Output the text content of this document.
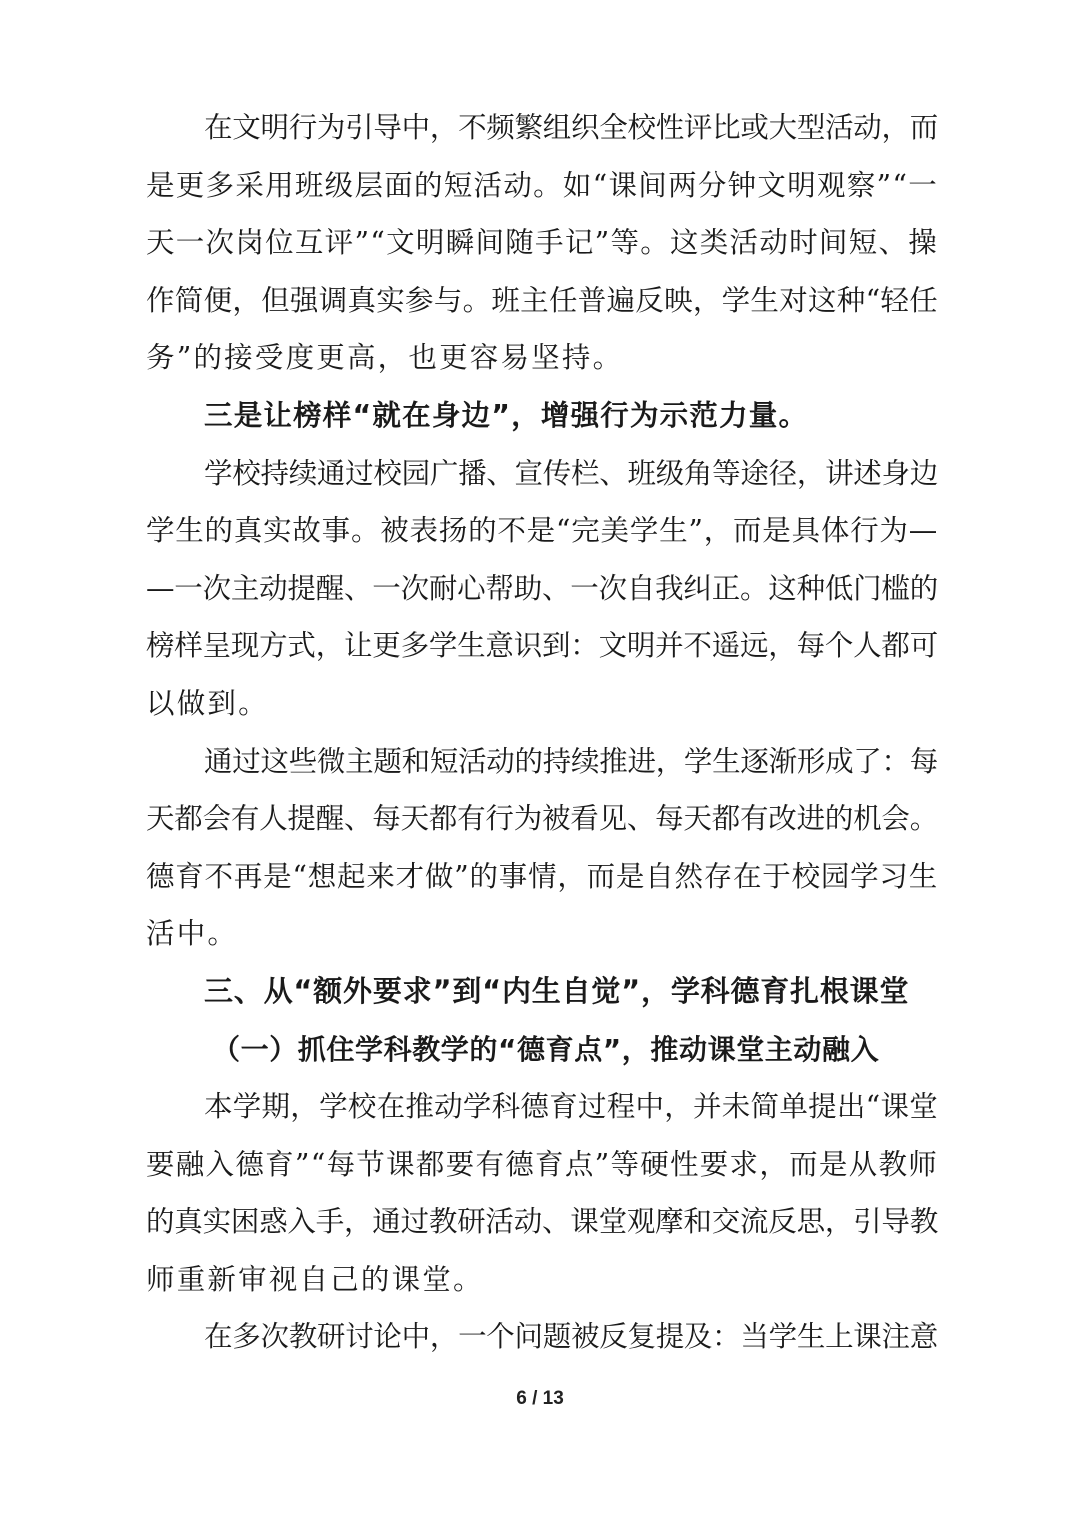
在文明行为引导中，不频繁组织全校性评比或大型活动，而
是更多采用班级层面的短活动。如“课间两分钟文明观察”“一
天一次岗位互评”“文明瞬间随手记”等。这类活动时间短、操
作简便，但强调真实参与。班主任普遍反映，学生对这种“轻任
务”的接受度更高，也更容易坚持。
三是让榜样“就在身边”，增强行为示范力量。
学校持续通过校园广播、宣传栏、班级角等途径，讲述身边
学生的真实故事。被表扬的不是“完美学生”，而是具体行为—
—一次主动提醒、一次耐心帮助、一次自我纠正。这种低门槛的
榜样呈现方式，让更多学生意识到：文明并不遥远，每个人都可
以做到。
通过这些微主题和短活动的持续推进，学生逐渐形成了：每
天都会有人提醒、每天都有行为被看见、每天都有改进的机会。
德育不再是“想起来才做”的事情，而是自然存在于校园学习生
活中。
三、从“额外要求”到“内生自觉”，学科德育扎根课堂
（一）抓住学科教学的“德育点”，推动课堂主动融入
本学期，学校在推动学科德育过程中，并未简单提出“课堂
要融入德育”“每节课都要有德育点”等硬性要求，而是从教师
的真实困惑入手，通过教研活动、课堂观摩和交流反思，引导教
师重新审视自己的课堂。
在多次教研讨论中，一个问题被反复提及：当学生上课注意
6 / 13
